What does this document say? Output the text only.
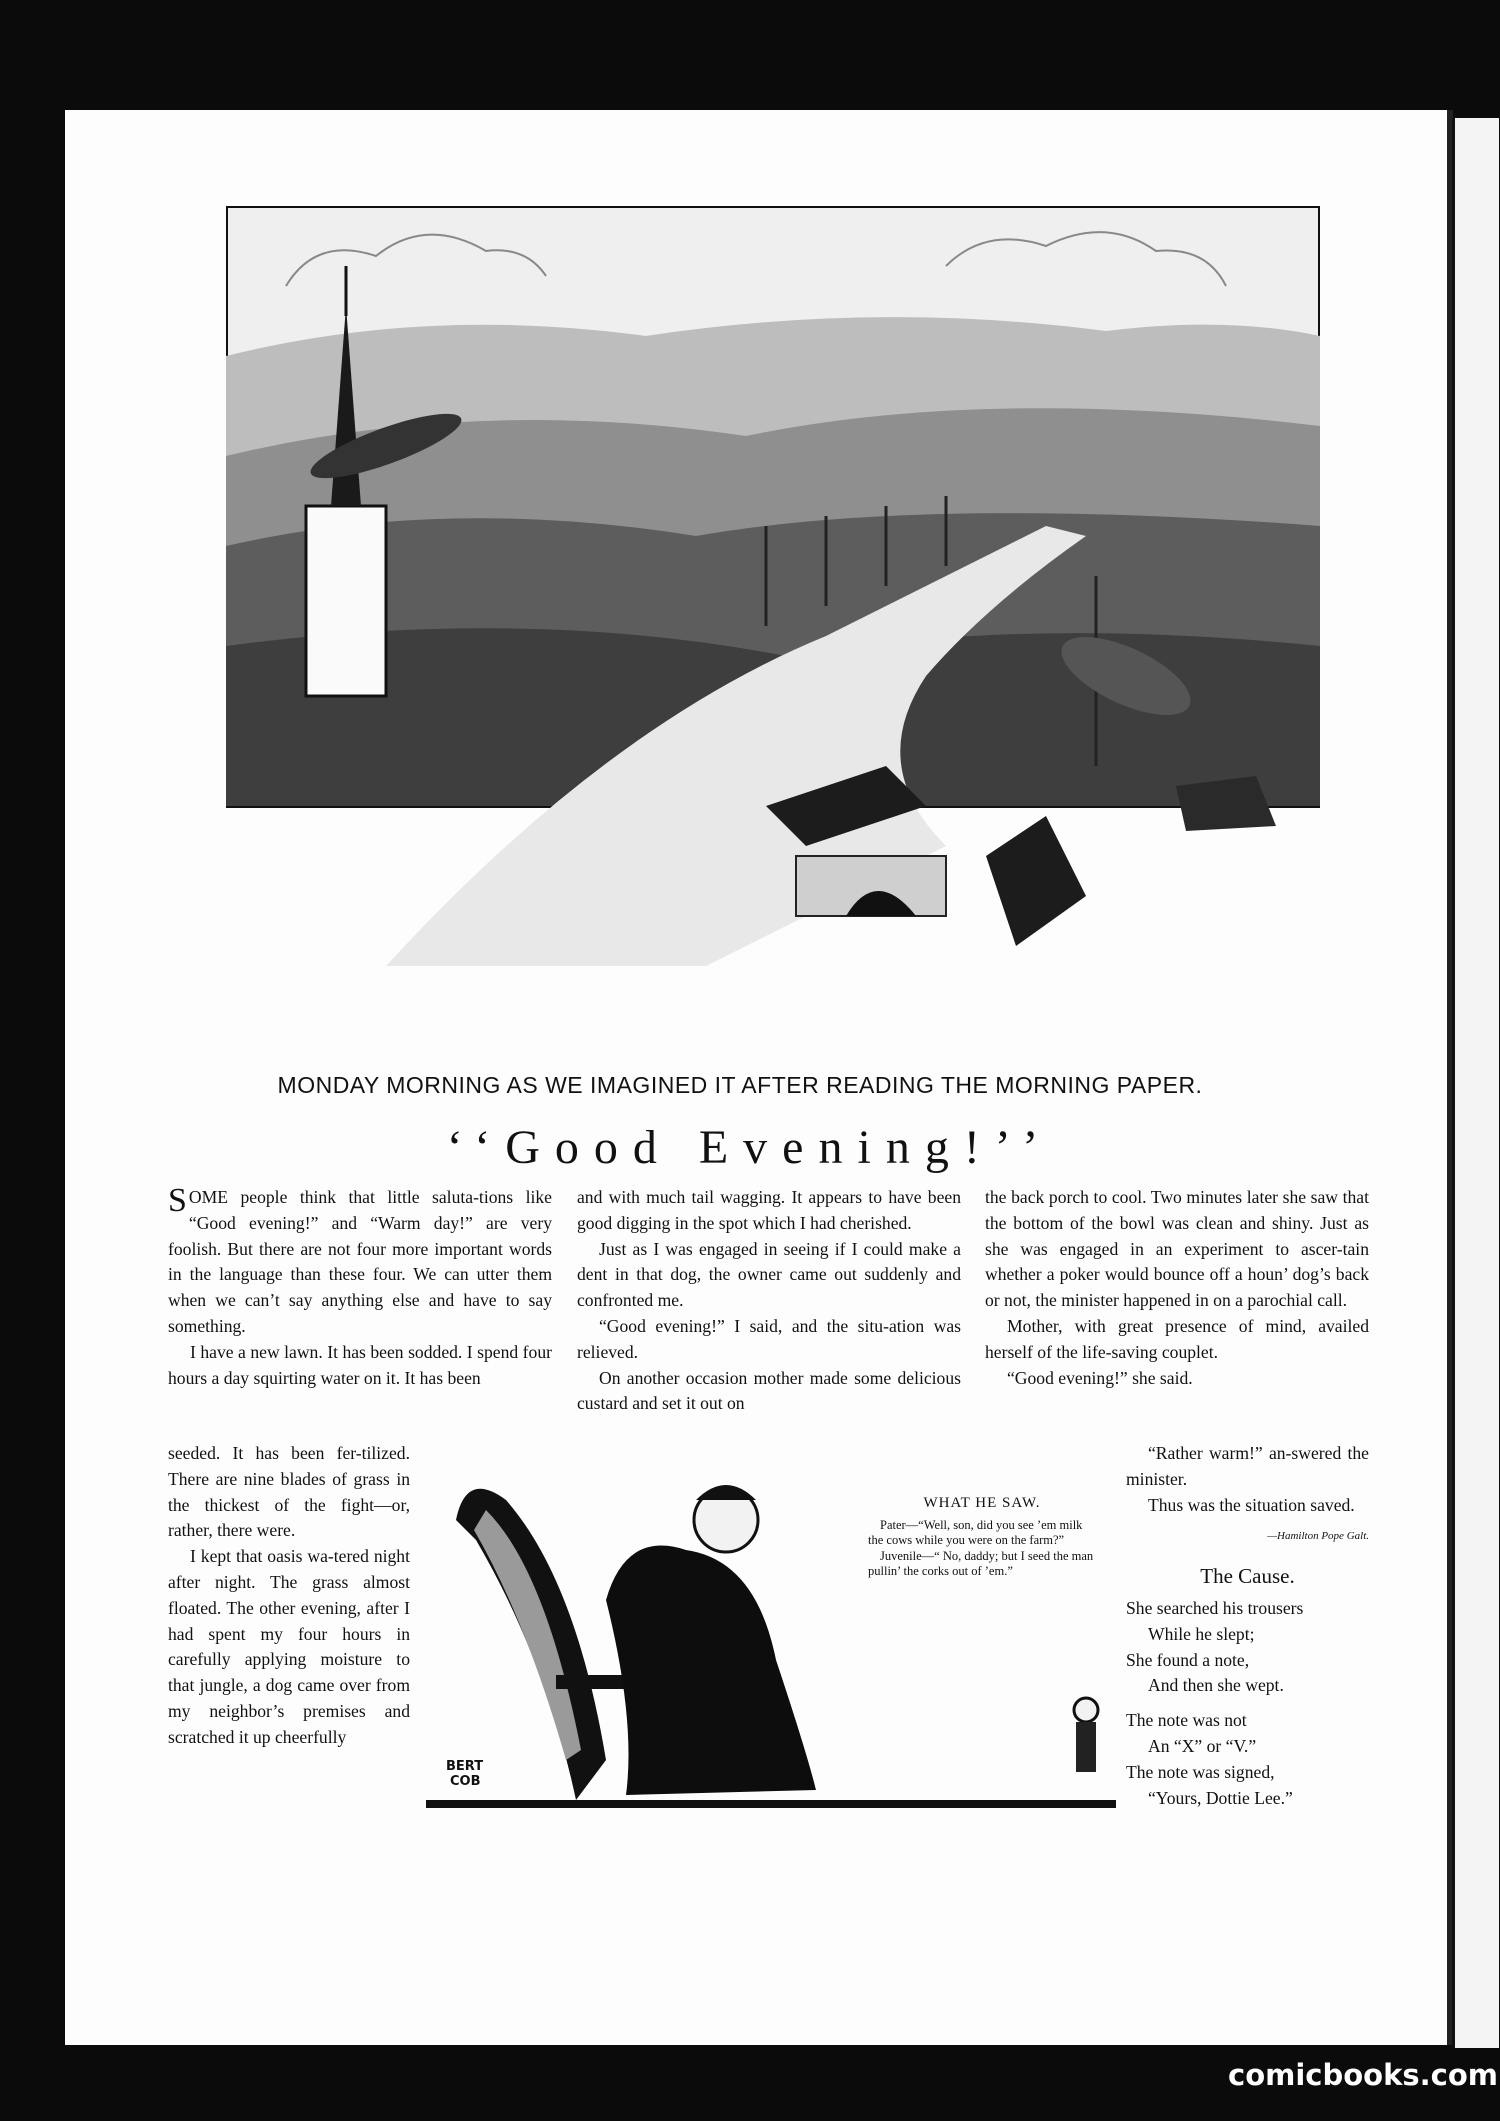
MONDAY MORNING AS WE IMAGINED IT AFTER READING THE MORNING PAPER.
‘‘Good Evening!’’

SOME people think that little saluta-tions like “Good evening!” and “Warm day!” are very foolish. But there are not four more important words in the language than these four. We can utter them when we can’t say anything else and have to say something.

I have a new lawn. It has been sodded. I spend four hours a day squirting water on it. It has been

seeded. It has been fer-tilized. There are nine blades of grass in the thickest of the fight—or, rather, there were.

I kept that oasis wa-tered night after night. The grass almost floated. The other evening, after I had spent my four hours in carefully applying moisture to that jungle, a dog came over from my neighbor’s premises and scratched it up cheerfully

and with much tail wagging. It appears to have been good digging in the spot which I had cherished.

Just as I was engaged in seeing if I could make a dent in that dog, the owner came out suddenly and confronted me.

“Good evening!” I said, and the situ-ation was relieved.

On another occasion mother made some delicious custard and set it out on

the back porch to cool. Two minutes later she saw that the bottom of the bowl was clean and shiny. Just as she was engaged in an experiment to ascer-tain whether a poker would bounce off a houn’ dog’s back or not, the minister happened in on a parochial call.

Mother, with great presence of mind, availed herself of the life-saving couplet.

“Good evening!” she said.

“Rather warm!” an-swered the minister.

Thus was the situation saved.

—Hamilton Pope Galt.

The Cause.

She searched his trousers
While he slept;
She found a note,
And then she wept.
The note was not
An “X” or “V.”
The note was signed,
“Yours, Dottie Lee.”
BERT
COB
WHAT HE SAW.

Pater—“Well, son, did you see ’em milk the cows while you were on the farm?”

Juvenile—“ No, daddy; but I seed the man pullin’ the corks out of ’em.”

comicbooks.com
